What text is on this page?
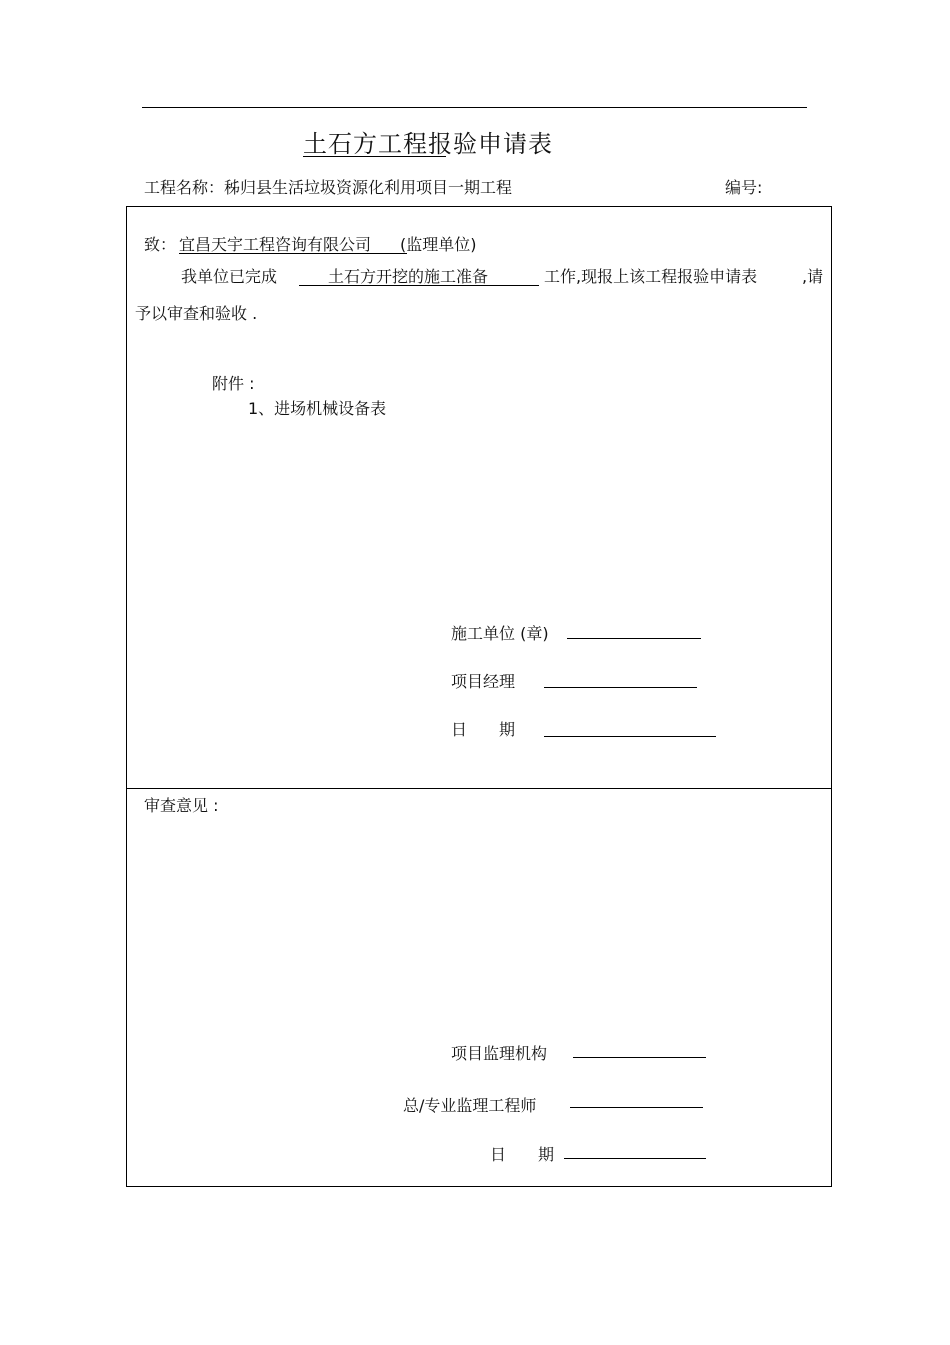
土石方工程报验申请表
工程名称：秭归县生活垃圾资源化利用项目一期工程	编号:
致： 宜昌天宇工程咨询有限公司 (监理单位)
我单位已完成	土石方开挖的施工准备	工作,现报上该工程报验申请表	,请
予以审查和验收 .
附件 :
1、进场机械设备表
施工单位 (章)
项目经理
日　　期
审查意见 :
项目监理机构
总/专业监理工程师
日　　期
